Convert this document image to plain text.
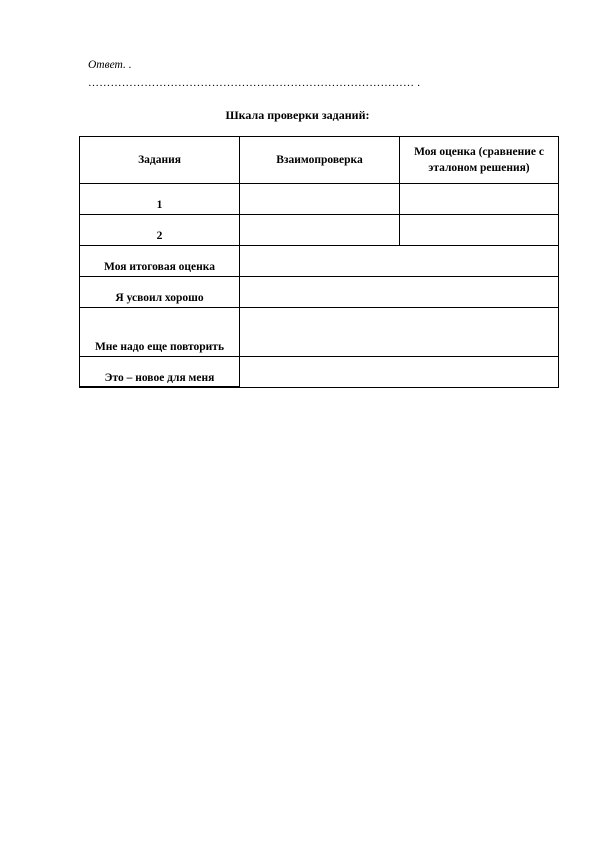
Ответ. .
…………………………………………………………………………… .
Шкала проверки заданий:
Задания	Взаимопроверка	Моя оценка (сравнение с эталоном решения)
1		
2		
Моя итоговая оценка		
Я усвоил хорошо		
Мне надо еще повторить		
Это – новое для меня		
